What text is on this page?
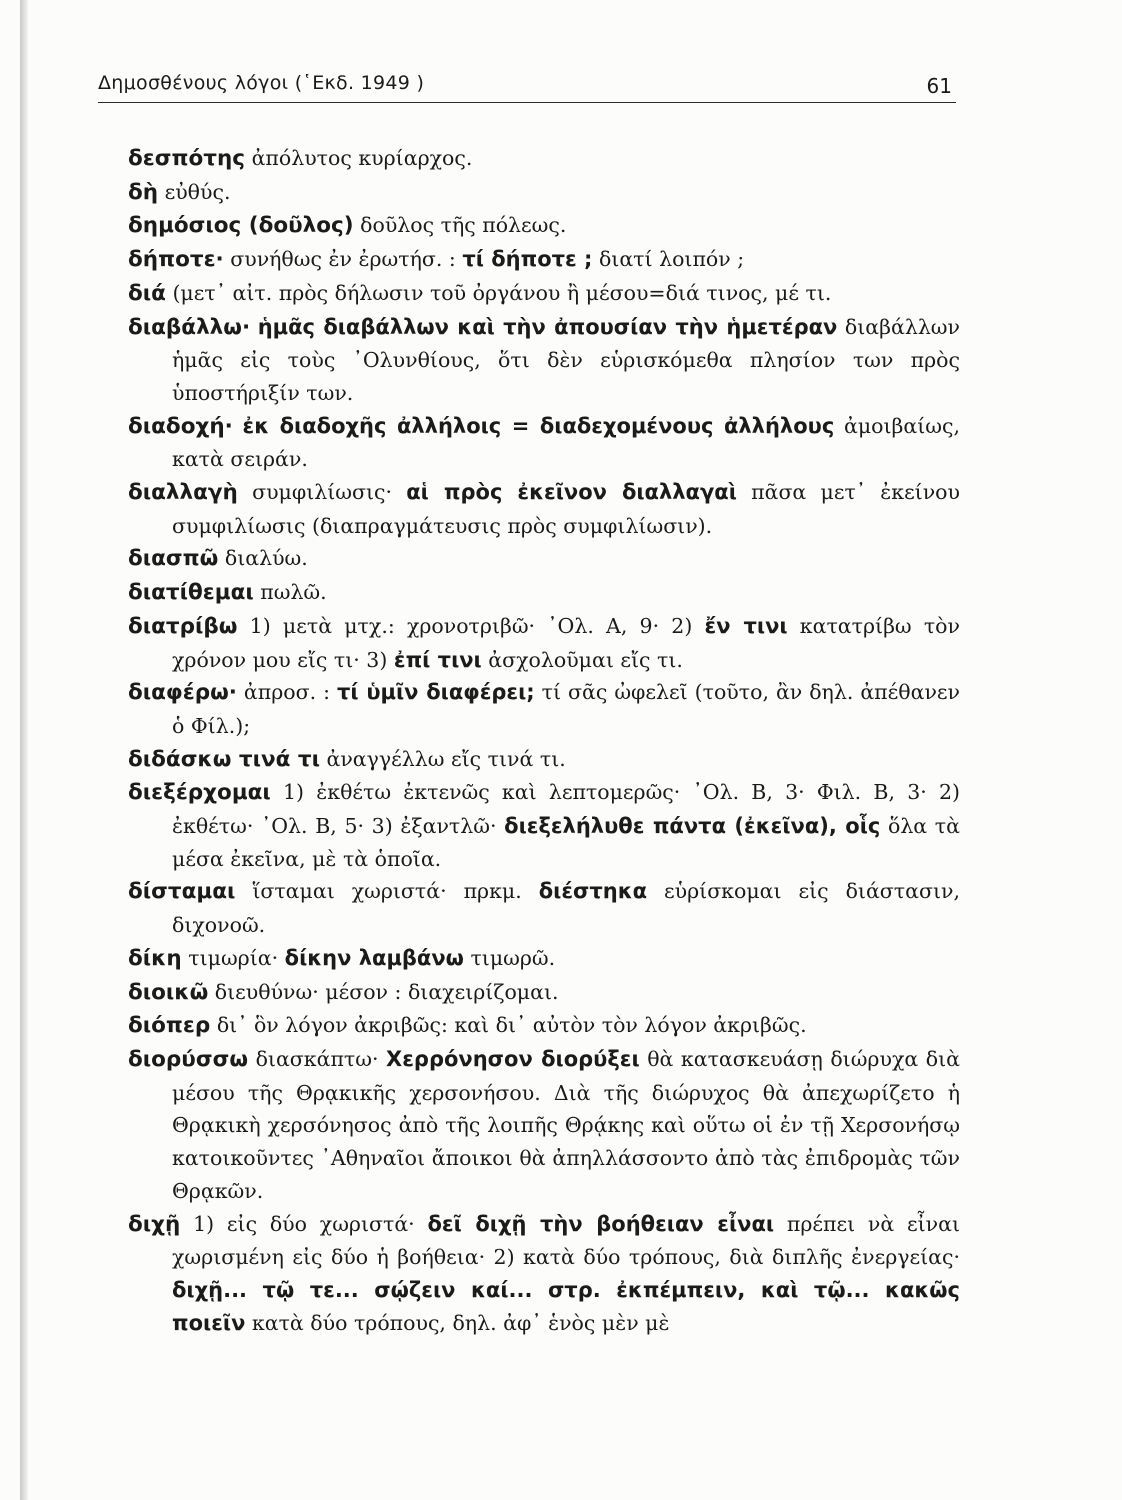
Δημοσθένους λόγοι (῾Εκδ. 1949 )	61

δεσπότης ἀπόλυτος κυρίαρχος.

δὴ εὐθύς.

δημόσιος (δοῦλος) δοῦλος τῆς πόλεως.

δήποτε· συνήθως ἐν ἐρωτήσ. : τί δήποτε ; διατί λοιπόν ;

διά (μετ᾽ αἰτ. πρὸς δήλωσιν τοῦ ὀργάνου ἢ μέσου=διά τινος, μέ τι.

διαβάλλω· ἡμᾶς διαβάλλων καὶ τὴν ἀπουσίαν τὴν ἡμετέραν διαβάλλων ἡμᾶς εἰς τοὺς ᾽Ολυνθίους, ὅτι δὲν εὑρισκόμεθα πλησίον των πρὸς ὑποστήριξίν των.

διαδοχή· ἐκ διαδοχῆς ἀλλήλοις = διαδεχομένους ἀλλήλους ἀμοιβαίως, κατὰ σειράν.

διαλλαγὴ συμφιλίωσις· αἱ πρὸς ἐκεῖνον διαλλαγαὶ πᾶσα μετ᾽ ἐκείνου συμφιλίωσις (διαπραγμάτευσις πρὸς συμφιλίωσιν).

διασπῶ διαλύω.

διατίθεμαι πωλῶ.

διατρίβω 1) μετὰ μτχ.: χρονοτριβῶ· ᾽Ολ. Α, 9· 2) ἔν τινι κατατρίβω τὸν χρόνον μου εἴς τι· 3) ἐπί τινι ἀσχολοῦμαι εἴς τι.

διαφέρω· ἀπροσ. : τί ὑμῖν διαφέρει; τί σᾶς ὠφελεῖ (τοῦτο, ἂν δηλ. ἀπέθανεν ὁ Φίλ.);

διδάσκω τινά τι ἀναγγέλλω εἴς τινά τι.

διεξέρχομαι 1) ἐκθέτω ἐκτενῶς καὶ λεπτομερῶς· ᾽Ολ. Β, 3· Φιλ. Β, 3· 2) ἐκθέτω· ᾽Ολ. Β, 5· 3) ἐξαντλῶ· διεξελήλυθε πάντα (ἐκεῖνα), οἷς ὅλα τὰ μέσα ἐκεῖνα, μὲ τὰ ὁποῖα.

δίσταμαι ἵσταμαι χωριστά· πρκμ. διέστηκα εὑρίσκομαι εἰς διάστασιν, διχονοῶ.

δίκη τιμωρία· δίκην λαμβάνω τιμωρῶ.

διοικῶ διευθύνω· μέσον : διαχειρίζομαι.

διόπερ δι᾽ ὃν λόγον ἀκριβῶς: καὶ δι᾽ αὐτὸν τὸν λόγον ἀκριβῶς.

διορύσσω διασκάπτω· Χερρόνησον διορύξει θὰ κατασκευάσῃ διώρυχα διὰ μέσου τῆς Θρᾳκικῆς χερσονήσου. Διὰ τῆς διώρυχος θὰ ἀπεχωρίζετο ἡ Θρᾳκικὴ χερσόνησος ἀπὸ τῆς λοιπῆς Θρᾴκης καὶ οὕτω οἱ ἐν τῇ Χερσονήσῳ κατοικοῦντες ᾽Αθηναῖοι ἄποικοι θὰ ἀπηλλάσσοντο ἀπὸ τὰς ἐπιδρομὰς τῶν Θρᾳκῶν.

διχῇ 1) εἰς δύο χωριστά· δεῖ διχῇ τὴν βοήθειαν εἶναι πρέπει νὰ εἶναι χωρισμένη εἰς δύο ἡ βοήθεια· 2) κατὰ δύο τρόπους, διὰ διπλῆς ἐνεργείας· διχῇ... τῷ τε... σῴζειν καί... στρ. ἐκπέμπειν, καὶ τῷ... κακῶς ποιεῖν κατὰ δύο τρόπους, δηλ. ἀφ᾽ ἑνὸς μὲν μὲ
